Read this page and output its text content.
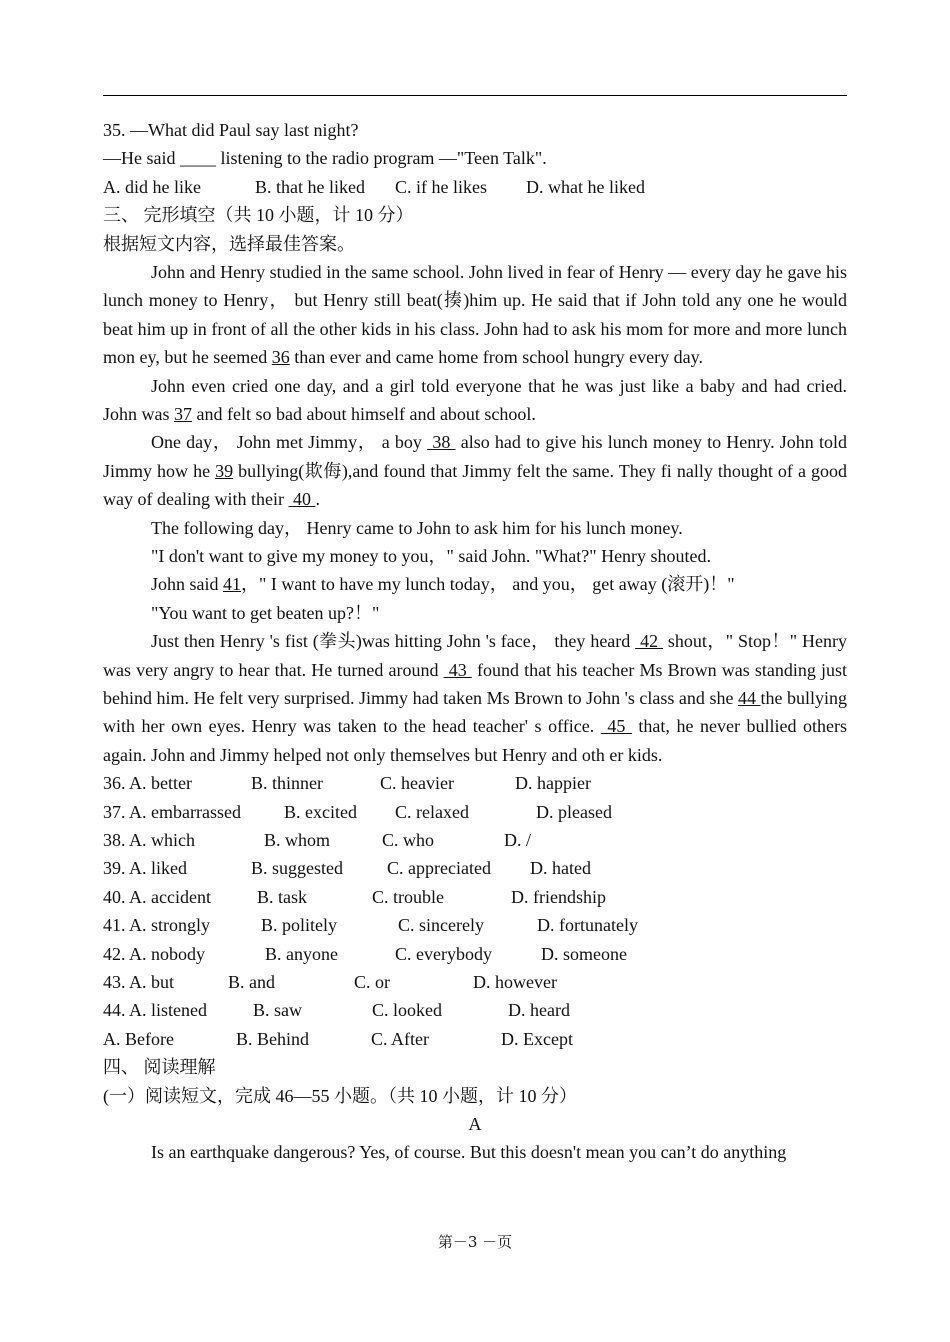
35. —What did Paul say last night?
—He said ____ listening to the radio program —"Teen Talk".
A. did he like	B. that he liked	C. if he likes	D. what he liked
三、 完形填空（共 10 小题，计 10 分）
根据短文内容，选择最佳答案。

John and Henry studied in the same school. John lived in fear of Henry — every day he gave his lunch money to Henry， but Henry still beat(揍)him up. He said that if John told any one he would beat him up in front of all the other kids in his class. John had to ask his mom for more and more lunch mon ey, but he seemed 36 than ever and came home from school hungry every day.

John even cried one day, and a girl told everyone that he was just like a baby and had cried. John was 37 and felt so bad about himself and about school.

One day， John met Jimmy， a boy  38  also had to give his lunch money to Henry. John told Jimmy how he 39 bullying(欺侮),and found that Jimmy felt the same. They fi nally thought of a good way of dealing with their  40 .

The following day， Henry came to John to ask him for his lunch money.

"I don't want to give my money to you，" said John. "What?" Henry shouted.

John said 41，" I want to have my lunch today， and you， get away (滚开)！"

"You want to get beaten up?！"

Just then Henry 's fist (拳头)was hitting John 's face， they heard  42  shout，" Stop！" Henry was very angry to hear that. He turned around  43  found that his teacher Ms Brown was standing just behind him. He felt very surprised. Jimmy had taken Ms Brown to John 's class and she 44 the bullying with her own eyes. Henry was taken to the head teacher' s office.  45  that, he never bullied others again. John and Jimmy helped not only themselves but Henry and oth er kids.

36. A. better	B. thinner	C. heavier	D. happier
37. A. embarrassed	B. excited	C. relaxed	D. pleased
38. A. which	B. whom	C. who	D. /
39. A. liked	B. suggested	C. appreciated	D. hated
40. A. accident	B. task	C. trouble	D. friendship
41. A. strongly	B. politely	C. sincerely	D. fortunately
42. A. nobody	B. anyone	C. everybody	D. someone
43. A. but	B. and	C. or	D. however
44. A. listened	B. saw	C. looked	D. heard
A. Before	B. Behind	C. After	D. Except
四、 阅读理解
(一）阅读短文，完成 46—55 小题。（共 10 小题，计 10 分）
A

Is an earthquake dangerous? Yes, of course. But this doesn't mean you can’t do anything

第－3 －页
